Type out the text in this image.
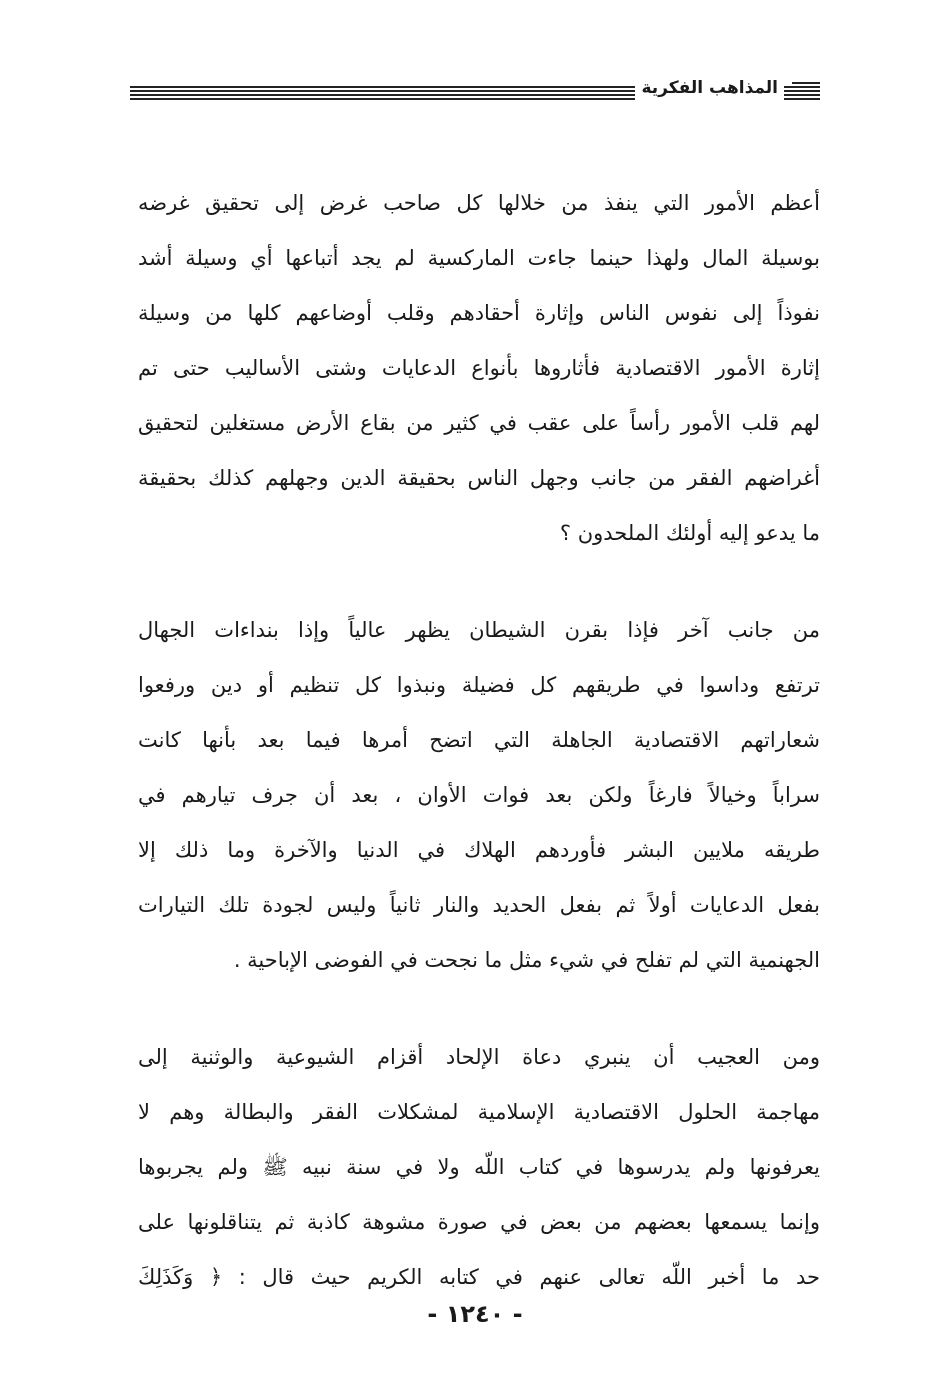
المذاهب الفكرية
أعظم الأمور التي ينفذ من خلالها كل صاحب غرض إلى تحقيق غرضه
بوسيلة المال ولهذا حينما جاءت الماركسية لم يجد أتباعها أي وسيلة أشد
نفوذاً إلى نفوس الناس وإثارة أحقادهم وقلب أوضاعهم كلها من وسيلة
إثارة الأمور الاقتصادية فأثاروها بأنواع الدعايات وشتى الأساليب حتى تم
لهم قلب الأمور رأساً على عقب في كثير من بقاع الأرض مستغلين لتحقيق
أغراضهم الفقر من جانب وجهل الناس بحقيقة الدين وجهلهم كذلك بحقيقة
ما يدعو إليه أولئك الملحدون ؟
من جانب آخر فإذا بقرن الشيطان يظهر عالياً وإذا بنداءات الجهال
ترتفع وداسوا في طريقهم كل فضيلة ونبذوا كل تنظيم أو دين ورفعوا
شعاراتهم الاقتصادية الجاهلة التي اتضح أمرها فيما بعد بأنها كانت
سراباً وخيالاً فارغاً ولكن بعد فوات الأوان ، بعد أن جرف تيارهم في
طريقه ملايين البشر فأوردهم الهلاك في الدنيا والآخرة وما ذلك إلا
بفعل الدعايات أولاً ثم بفعل الحديد والنار ثانياً وليس لجودة تلك التيارات
الجهنمية التي لم تفلح في شيء مثل ما نجحت في الفوضى الإباحية .
ومن العجيب أن ينبري دعاة الإلحاد أقزام الشيوعية والوثنية إلى
مهاجمة الحلول الاقتصادية الإسلامية لمشكلات الفقر والبطالة وهم لا
يعرفونها ولم يدرسوها في كتاب اللّه ولا في سنة نبيه ﷺ ولم يجربوها
وإنما يسمعها بعضهم من بعض في صورة مشوهة كاذبة ثم يتناقلونها على
حد ما أخبر اللّه تعالى عنهم في كتابه الكريم حيث قال : ﴿ وَكَذَلِكَ
- ١٢٤٠ -
